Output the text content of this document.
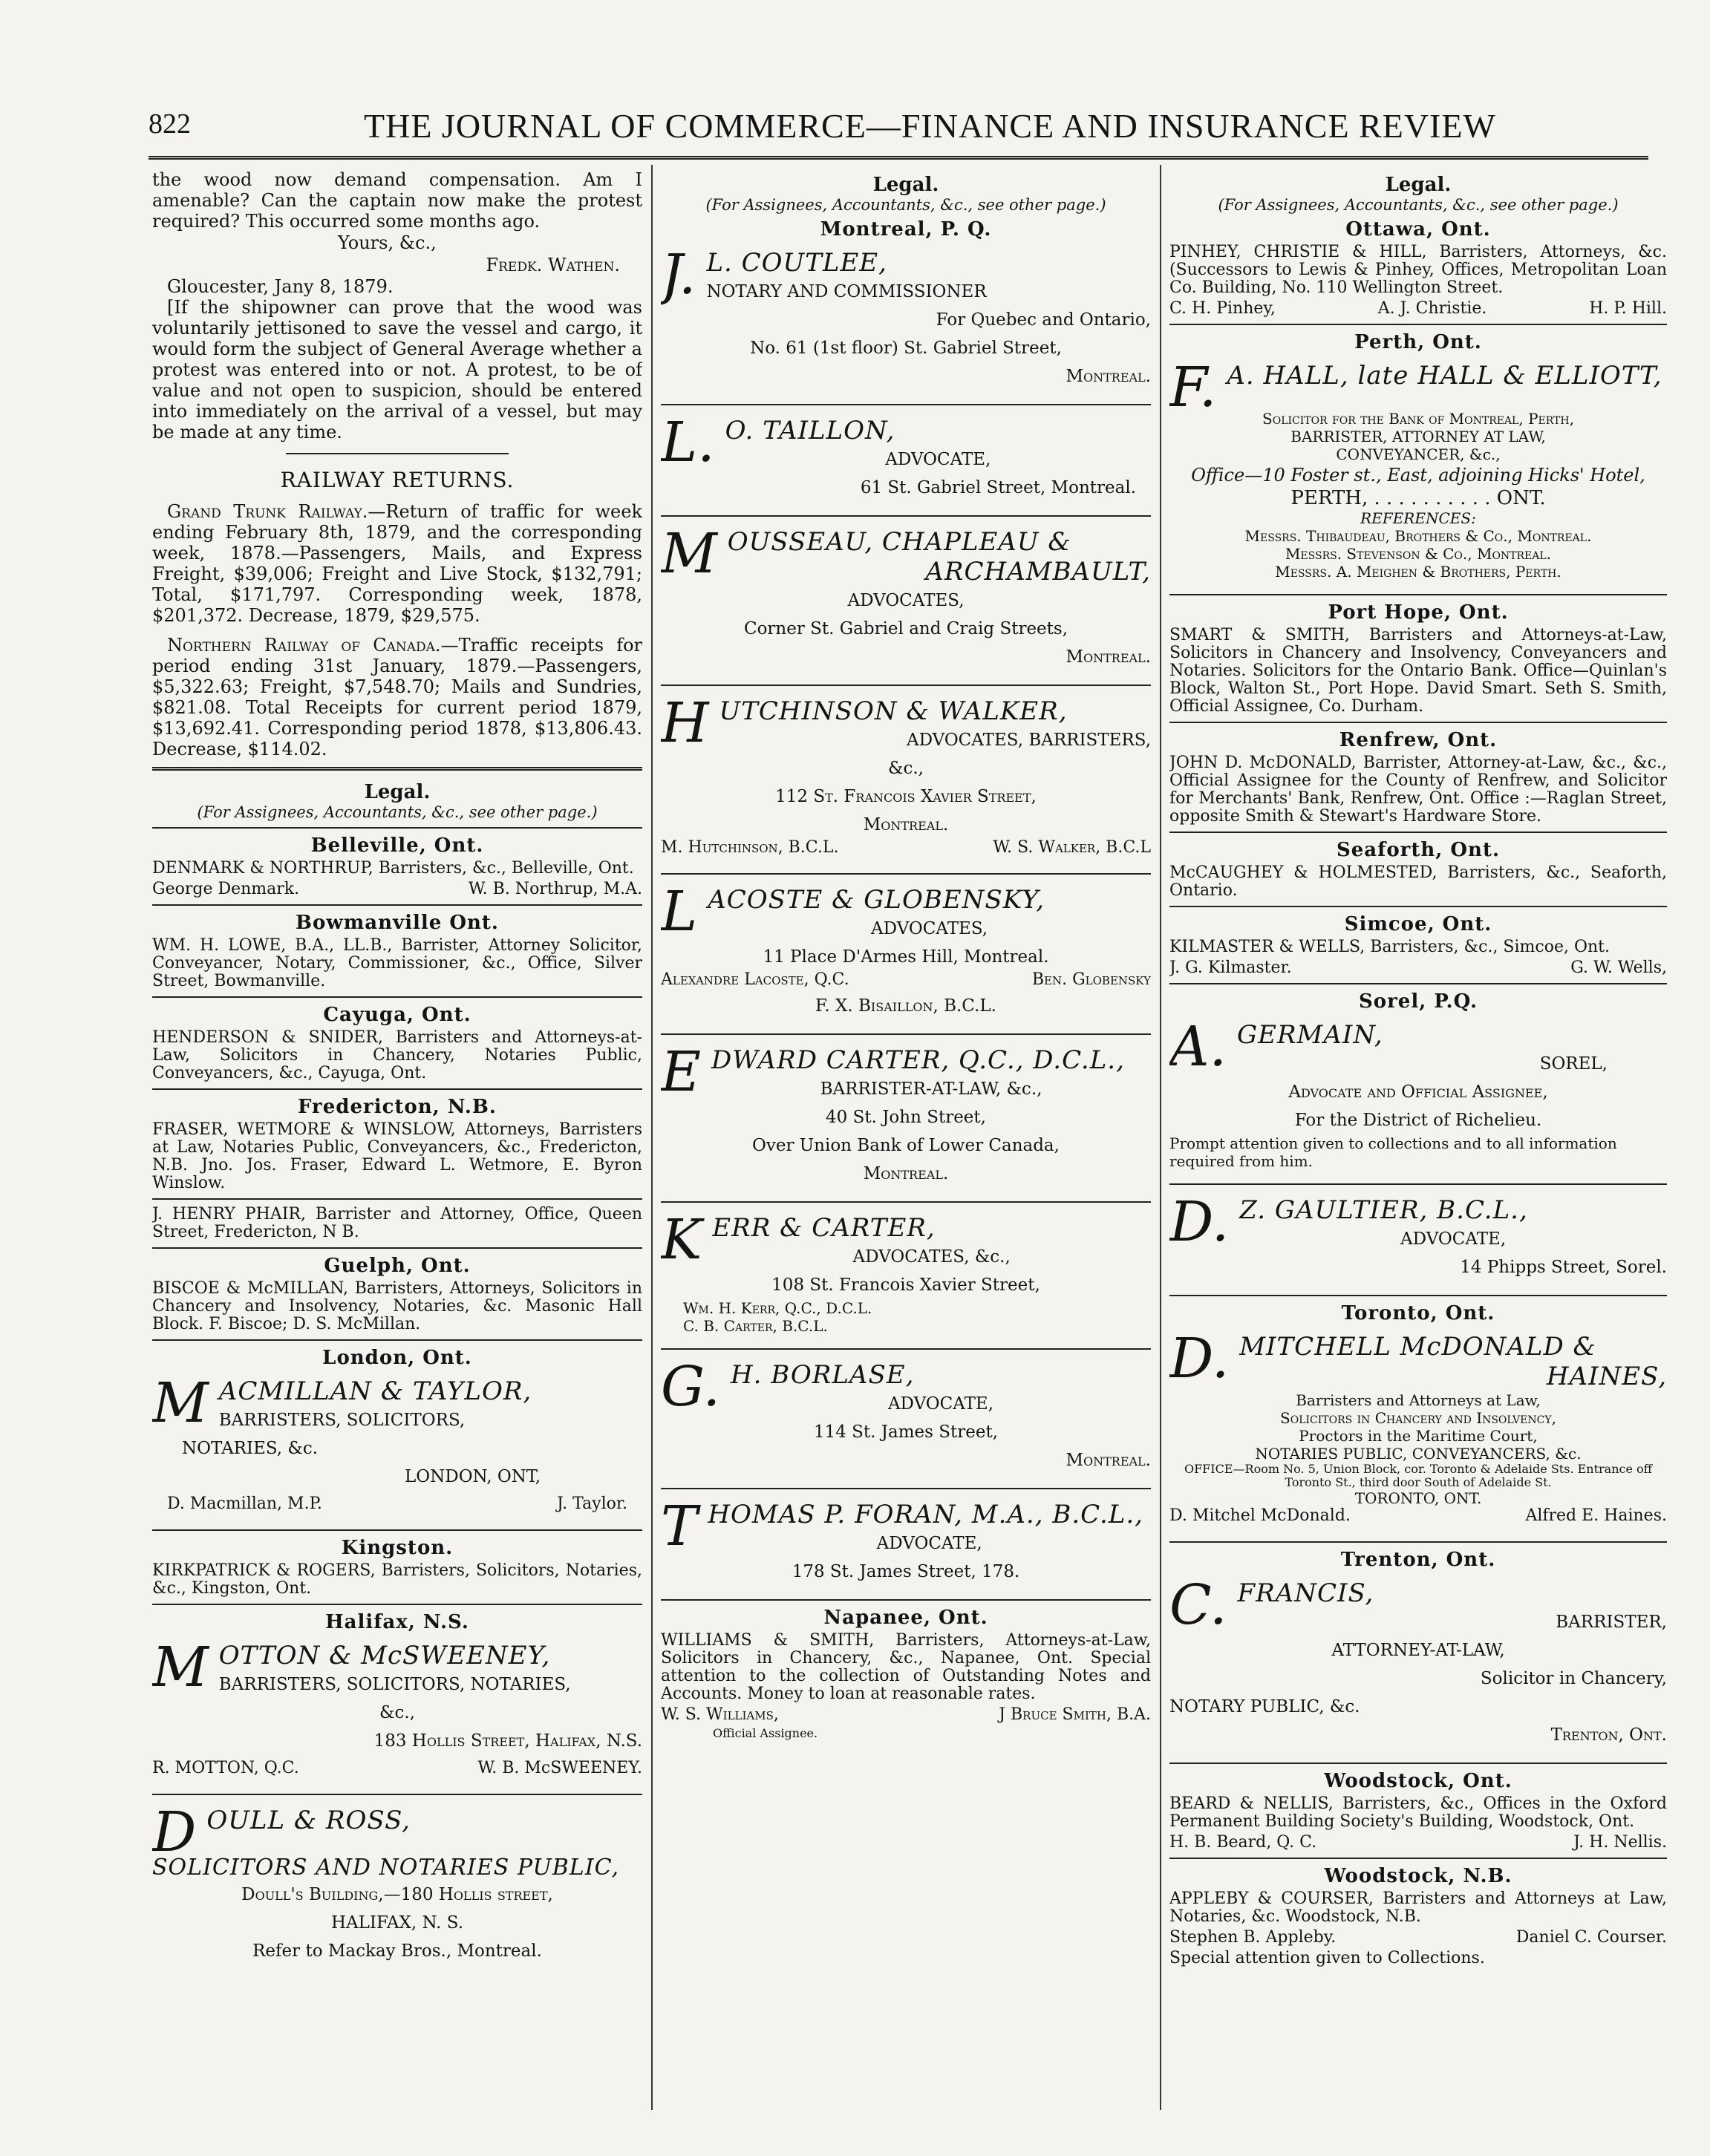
822	THE JOURNAL OF COMMERCE—FINANCE AND INSURANCE REVIEW

the wood now demand compensation. Am I amenable? Can the captain now make the protest required? This occurred some months ago.

Yours, &c.,

Fredk. Wathen.

Gloucester, Jany 8, 1879.

[If the shipowner can prove that the wood was voluntarily jettisoned to save the vessel and cargo, it would form the subject of General Average whether a protest was entered into or not. A protest, to be of value and not open to suspicion, should be entered into immediately on the arrival of a vessel, but may be made at any time.

RAILWAY RETURNS.

Grand Trunk Railway.—Return of traffic for week ending February 8th, 1879, and the corresponding week, 1878.—Passengers, Mails, and Express Freight, $39,006; Freight and Live Stock, $132,791; Total, $171,797. Corresponding week, 1878, $201,372. Decrease, 1879, $29,575.

Northern Railway of Canada.—Traffic receipts for period ending 31st January, 1879.—Passengers, $5,322.63; Freight, $7,548.70; Mails and Sundries, $821.08. Total Receipts for current period 1879, $13,692.41. Corresponding period 1878, $13,806.43. Decrease, $114.02.

Legal.
(For Assignees, Accountants, &c., see other page.)
Belleville, Ont.
DENMARK & NORTHRUP, Barristers, &c., Belleville, Ont.
George Denmark.	W. B. Northrup, M.A.
Bowmanville Ont.
WM. H. LOWE, B.A., LL.B., Barrister, Attorney Solicitor, Conveyancer, Notary, Commissioner, &c., Office, Silver Street, Bowmanville.
Cayuga, Ont.
HENDERSON & SNIDER, Barristers and Attorneys-at-Law, Solicitors in Chancery, Notaries Public, Conveyancers, &c., Cayuga, Ont.
Fredericton, N.B.
FRASER, WETMORE & WINSLOW, Attorneys, Barristers at Law, Notaries Public, Conveyancers, &c., Fredericton, N.B. Jno. Jos. Fraser, Edward L. Wetmore, E. Byron Winslow.
J. HENRY PHAIR, Barrister and Attorney, Office, Queen Street, Fredericton, N B.
Guelph, Ont.
BISCOE & McMILLAN, Barristers, Attorneys, Solicitors in Chancery and Insolvency, Notaries, &c. Masonic Hall Block. F. Biscoe; D. S. McMillan.
London, Ont.
M ACMILLAN & TAYLOR,
BARRISTERS, SOLICITORS,
NOTARIES, &c.
LONDON, ONT,
D. Macmillan, M.P.	J. Taylor.
Kingston.
KIRKPATRICK & ROGERS, Barristers, Solicitors, Notaries, &c., Kingston, Ont.
Halifax, N.S.
M OTTON & McSWEENEY,
BARRISTERS, SOLICITORS, NOTARIES,
&c.,
183 Hollis Street, Halifax, N.S.
R. MOTTON, Q.C.	W. B. McSWEENEY.
D OULL & ROSS,
SOLICITORS AND NOTARIES PUBLIC,
Doull's Building,—180 Hollis street,
HALIFAX, N. S.
Refer to Mackay Bros., Montreal.
Legal.
(For Assignees, Accountants, &c., see other page.)
Montreal, P. Q.
J. L. COUTLEE,
NOTARY AND COMMISSIONER
For Quebec and Ontario,
No. 61 (1st floor) St. Gabriel Street,
Montreal.
L. O. TAILLON,
ADVOCATE,
61 St. Gabriel Street, Montreal.
M OUSSEAU, CHAPLEAU &
ARCHAMBAULT,
ADVOCATES,
Corner St. Gabriel and Craig Streets,
Montreal.
H UTCHINSON & WALKER,
ADVOCATES, BARRISTERS,
&c.,
112 St. Francois Xavier Street,
Montreal.
M. Hutchinson, B.C.L.	W. S. Walker, B.C.L
L ACOSTE & GLOBENSKY,
ADVOCATES,
11 Place D'Armes Hill, Montreal.
Alexandre Lacoste, Q.C.	Ben. Globensky
F. X. Bisaillon, B.C.L.
E DWARD CARTER, Q.C., D.C.L.,
BARRISTER-AT-LAW, &c.,
40 St. John Street,
Over Union Bank of Lower Canada,
Montreal.
K ERR & CARTER,
ADVOCATES, &c.,
108 St. Francois Xavier Street,
Wm. H. Kerr, Q.C., D.C.L.
C. B. Carter, B.C.L.
G. H. BORLASE,
ADVOCATE,
114 St. James Street,
Montreal.
T HOMAS P. FORAN, M.A., B.C.L.,
ADVOCATE,
178 St. James Street, 178.
Napanee, Ont.
WILLIAMS & SMITH, Barristers, Attorneys-at-Law, Solicitors in Chancery, &c., Napanee, Ont. Special attention to the collection of Outstanding Notes and Accounts. Money to loan at reasonable rates.
W. S. Williams,	J Bruce Smith, B.A.
Official Assignee.
Legal.
(For Assignees, Accountants, &c., see other page.)
Ottawa, Ont.
PINHEY, CHRISTIE & HILL, Barristers, Attorneys, &c. (Successors to Lewis & Pinhey, Offices, Metropolitan Loan Co. Building, No. 110 Wellington Street.
C. H. Pinhey,	A. J. Christie.	H. P. Hill.
Perth, Ont.
F. A. HALL, late HALL & ELLIOTT,
Solicitor for the Bank of Montreal, Perth,
BARRISTER, ATTORNEY AT LAW,
CONVEYANCER, &c.,
Office—10 Foster st., East, adjoining Hicks' Hotel,
PERTH, . . . . . . . . . . ONT.
REFERENCES:
Messrs. Thibaudeau, Brothers & Co., Montreal.
Messrs. Stevenson & Co., Montreal.
Messrs. A. Meighen & Brothers, Perth.
Port Hope, Ont.
SMART & SMITH, Barristers and Attorneys-at-Law, Solicitors in Chancery and Insolvency, Conveyancers and Notaries. Solicitors for the Ontario Bank. Office—Quinlan's Block, Walton St., Port Hope. David Smart. Seth S. Smith, Official Assignee, Co. Durham.
Renfrew, Ont.
JOHN D. McDONALD, Barrister, Attorney-at-Law, &c., &c., Official Assignee for the County of Renfrew, and Solicitor for Merchants' Bank, Renfrew, Ont. Office :—Raglan Street, opposite Smith & Stewart's Hardware Store.
Seaforth, Ont.
McCAUGHEY & HOLMESTED, Barristers, &c., Seaforth, Ontario.
Simcoe, Ont.
KILMASTER & WELLS, Barristers, &c., Simcoe, Ont.
J. G. Kilmaster.	G. W. Wells,
Sorel, P.Q.
A. GERMAIN,
SOREL,
Advocate and Official Assignee,
For the District of Richelieu.
Prompt attention given to collections and to all information required from him.
D. Z. GAULTIER, B.C.L.,
ADVOCATE,
14 Phipps Street, Sorel.
Toronto, Ont.
D. MITCHELL McDONALD &
HAINES,
Barristers and Attorneys at Law,
Solicitors in Chancery and Insolvency,
Proctors in the Maritime Court,
NOTARIES PUBLIC, CONVEYANCERS, &c.
OFFICE—Room No. 5, Union Block, cor. Toronto & Adelaide Sts. Entrance off Toronto St., third door South of Adelaide St.
TORONTO, ONT.
D. Mitchel McDonald.	Alfred E. Haines.
Trenton, Ont.
C. FRANCIS,
BARRISTER,
ATTORNEY-AT-LAW,
Solicitor in Chancery,
NOTARY PUBLIC, &c.
Trenton, Ont.
Woodstock, Ont.
BEARD & NELLIS, Barristers, &c., Offices in the Oxford Permanent Building Society's Building, Woodstock, Ont.
H. B. Beard, Q. C.	J. H. Nellis.
Woodstock, N.B.
APPLEBY & COURSER, Barristers and Attorneys at Law, Notaries, &c. Woodstock, N.B.
Stephen B. Appleby.	Daniel C. Courser.
Special attention given to Collections.
